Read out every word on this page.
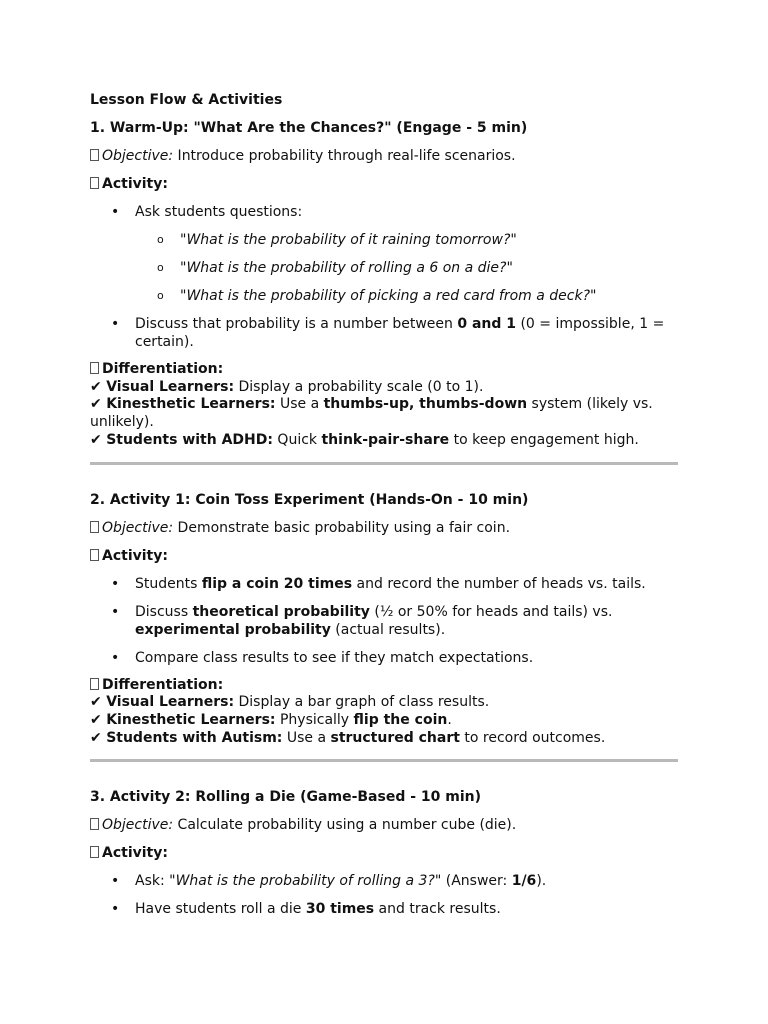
Lesson Flow & Activities

1. Warm-Up: "What Are the Chances?" (Engage - 5 min)

Objective: Introduce probability through real-life scenarios.

Activity:

• Ask students questions:
o "What is the probability of it raining tomorrow?"
o "What is the probability of rolling a 6 on a die?"
o "What is the probability of picking a red card from a deck?"
• Discuss that probability is a number between 0 and 1 (0 = impossible, 1 = certain).
Differentiation:
✔ Visual Learners: Display a probability scale (0 to 1).
✔ Kinesthetic Learners: Use a thumbs-up, thumbs-down system (likely vs. unlikely).
✔ Students with ADHD: Quick think-pair-share to keep engagement high.

2. Activity 1: Coin Toss Experiment (Hands-On - 10 min)

Objective: Demonstrate basic probability using a fair coin.

Activity:

• Students flip a coin 20 times and record the number of heads vs. tails.
• Discuss theoretical probability (½ or 50% for heads and tails) vs. experimental probability (actual results).
• Compare class results to see if they match expectations.
Differentiation:
✔ Visual Learners: Display a bar graph of class results.
✔ Kinesthetic Learners: Physically flip the coin.
✔ Students with Autism: Use a structured chart to record outcomes.

3. Activity 2: Rolling a Die (Game-Based - 10 min)

Objective: Calculate probability using a number cube (die).

Activity:

• Ask: "What is the probability of rolling a 3?" (Answer: 1/6).
• Have students roll a die 30 times and track results.
